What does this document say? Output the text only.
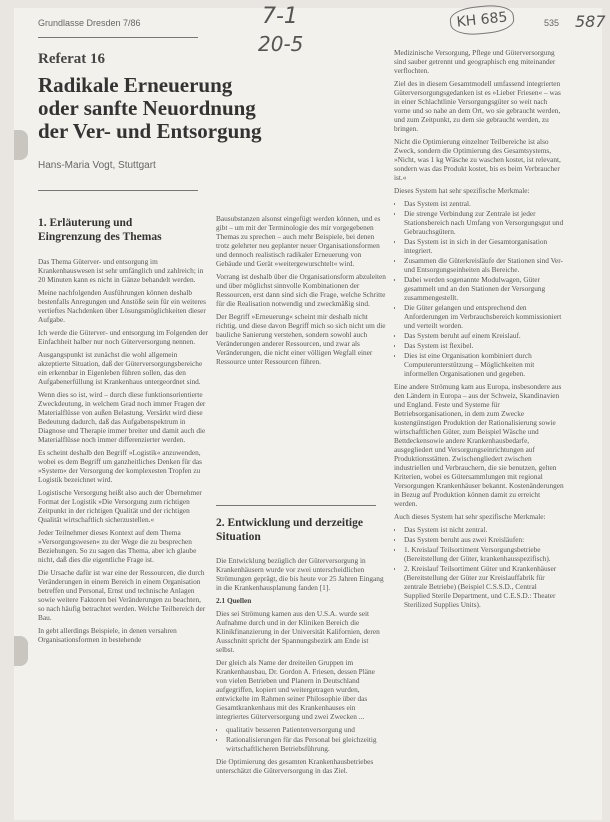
Grundlasse Dresden 7/86	535
7-1
20-5
587
KH 685
Referat 16
Radikale Erneuerung
oder sanfte Neuordnung
der Ver- und Entsorgung
Hans-Maria Vogt, Stuttgart
1. Erläuterung und Eingrenzung des Themas

Das Thema Güterver- und entsorgung im Krankenhauswesen ist sehr umfänglich und zahlreich; in 20 Minuten kann es nicht in Gänze behandelt werden.

Meine nachfolgenden Ausführungen können deshalb bestenfalls Anregungen und Anstöße sein für ein weiteres vertieftes Nachdenken über Lösungsmöglichkeiten dieser Aufgabe.

Ich werde die Güterver- und entsorgung im Folgenden der Einfachheit halber nur noch Güterversorgung nennen.

Ausgangspunkt ist zunächst die wohl allgemein akzeptierte Situation, daß der Güterversorgungsbereiche ein erkennbar in Eigenleben führen sollen, das den Aufgabenerfüllung ist Krankenhaus untergeordnet sind.

Wenn dies so ist, wird – durch diese funktionsorientierte Zweckdeutung, in welchem Grad noch immer Fragen der Materialflüsse von außen Belastung. Versärkt wird diese Bedeutung dadurch, daß das Aufgabenspektrum in Diagnose und Therapie immer breiter und damit auch die Materialflüsse noch immer differenzierter werden.

Es scheint deshalb den Begriff »Logistik« anzuwenden, wobei es dem Begriff um ganzheitliches Denken für das »System« der Versorgung der komplexesten Tropfen zu Logistik bezeichnet wird.

Logistische Versorgung heißt also auch der Übernehmer Format der Logistik »Die Versorgung zum richtigen Zeitpunkt in der richtigen Qualität und der richtigen Qualität wirtschaftlich sicherzustellen.«

Jeder Teilnehmer dieses Kontext auf dem Thema »Versorgungswesen« zu der Wege die zu besprechen Beziehungen. So zu sagen das Thema, aber ich glaube nicht, daß dies die eigentliche Frage ist.

Die Ursache dafür ist war eine der Ressourcen, die durch Veränderungen in einem Bereich in einem Organisation betreffen und Personal, Ernst und technische Anlagen sowie weitere Faktoren bei Veränderungen zu beachten, so nach häufig betrachtet werden. Welche Teilbereich der Bau.

In gebt allerdings Beispiele, in denen versahren Organisationsformen in bestehende

Bausubstanzen alsonst eingefügt werden können, und es gibt – um mit der Terminologie des mir vorgegebenen Themas zu sprechen – auch mehr Beispiele, bei denen trotz gelehrter neu geplanter neuer Organisationsformen und dennoch realistisch radikaler Erneuerung von Gebäude und Gerät »weitergewurschtelt« wird.

Vorrang ist deshalb über die Organisationsform abzuleiten und über möglichst sinnvolle Kombinationen der Ressourcen, erst dann sind sich die Frage, welche Schritte für die Realisation notwendig und zweckmäßig sind.

Der Begriff »Erneuerung« scheint mir deshalb nicht richtig, und diese davon Begriff mich so sich nicht um die bauliche Sanierung verstehen, sondern sowohl auch Veränderungen anderer Ressourcen, und zwar als Veränderungen, die nicht einer völligen Wegfall einer Ressource unter Ressourcen führen.

2. Entwicklung und derzeitige Situation

Die Entwicklung bezüglich der Güterversorgung in Krankenhäusern wurde vor zwei unterscheidlichen Strömungen geprägt, die bis heute vor 25 Jahren Eingang in die Krankenhausplanung fanden [1].

2.1 Quellen

Dies sei Strömung kamen aus den U.S.A. wurde seit Aufnahme durch und in der Kliniken Bereich die Klinikfinanzierung in der Universität Kalifornien, deren Ausschnitt spricht der Spannungsbezirk am Ende ist selbst.

Der gleich als Name der dreiteilen Gruppen im Krankenhausbau, Dr. Gordon A. Friesen, dessen Pläne von vielen Betrieben und Planern in Deutschland aufgegriffen, kopiert und weitergetragen wurden, entwickelte im Rahmen seiner Philosophie über das Gesamtkrankenhaus mit des Krankenhauses ein integriertes Güterversorgung und zwei Zwecken ...

• qualitativ besseren Patientenversorgung und
• Rationalisierungen für das Personal bei gleichzeitig wirtschaftlicheren Betriebsführung.

Die Optimierung des gesamten Krankenhausbetriebes unterschätzt die Güterversorgung in das Ziel.

Medizinische Versorgung, Pflege und Güterversorgung sind sauber getrennt und geographisch eng miteinander verflochten.

Ziel des in diesem Gesamtmodell umfassend integrierten Güterversorgungsgedanken ist es »Lieber Friesen« – was in einer Schlachtlinie Versorgungsgüter so weit nach vorne und so nahe an dem Ort, wo sie gebraucht werden, und zum Zeitpunkt, zu dem sie gebraucht werden, zu bringen.

Nicht die Optimierung einzelner Teilbereiche ist also Zweck, sondern die Optimierung des Gesamtsystems, »Nicht, was 1 kg Wäsche zu waschen kostet, ist relevant, sondern was das Produkt kostet, bis es beim Verbraucher ist.«

Dieses System hat sehr spezifische Merkmale:

• Das System ist zentral.
• Die strenge Verbindung zur Zentrale ist jeder Stationsbereich nach Umfang von Versorgungsgut und Gebrauchsgütern.
• Das System ist in sich in der Gesamtorganisation integriert.
• Zusammen die Güterkreisläufe der Stationen sind Ver- und Entsorgungseinheiten als Bereiche.
• Dabei werden sogenannte Modulwagen, Güter gesammelt und an den Stationen der Versorgung zusammengestellt.
• Die Güter gelangen und entsprechend den Anforderungen im Verbrauchsbereich kommissioniert und verteilt worden.
• Das System beruht auf einem Kreislauf.
• Das System ist flexibel.
• Dies ist eine Organisation kombiniert durch Computerunterstützung – Möglichkeiten mit informellen Organisationen und gegeben.

Eine andere Strömung kam aus Europa, insbesondere aus den Ländern in Europa – aus der Schweiz, Skandinavien und England. Feste und Systeme für Betriebsorganisationen, in dem zum Zwecke kostengünstigen Produktion der Rationalisierung sowie wirtschaftlichen Güter, zum Beispiel Wäsche und Bettdeckensowie andere Krankenhausbedarfe, ausgegliedert und Versorgungseinrichtungen auf Produktionsstätten. Zwischengliedert zwischen industriellen und Verbrauchern, die sie benutzen, gelten Kriterien, wobei es Gütersammlungen mit regional Versorgungen Krankenhäuser bekannt. Kostenänderungen in Bezug auf Produktion können damit zu erreicht werden.

Auch dieses System hat sehr spezifische Merkmale:

• Das System ist nicht zentral.
• Das System beruht aus zwei Kreisläufen:
• 1. Kreislauf Teilsortiment Versorgungsbetriebe (Bereitstellung der Güter, krankenhausspezifisch).
• 2. Kreislauf Teilsortiment Güter und Krankenhäuser (Bereitstellung der Güter zur Kreislauffabrik für zentrale Betriebe) (Beispiel C.S.S.D., Central Supplied Sterile Department, und C.E.S.D.: Theater Sterilized Supplies Units).
